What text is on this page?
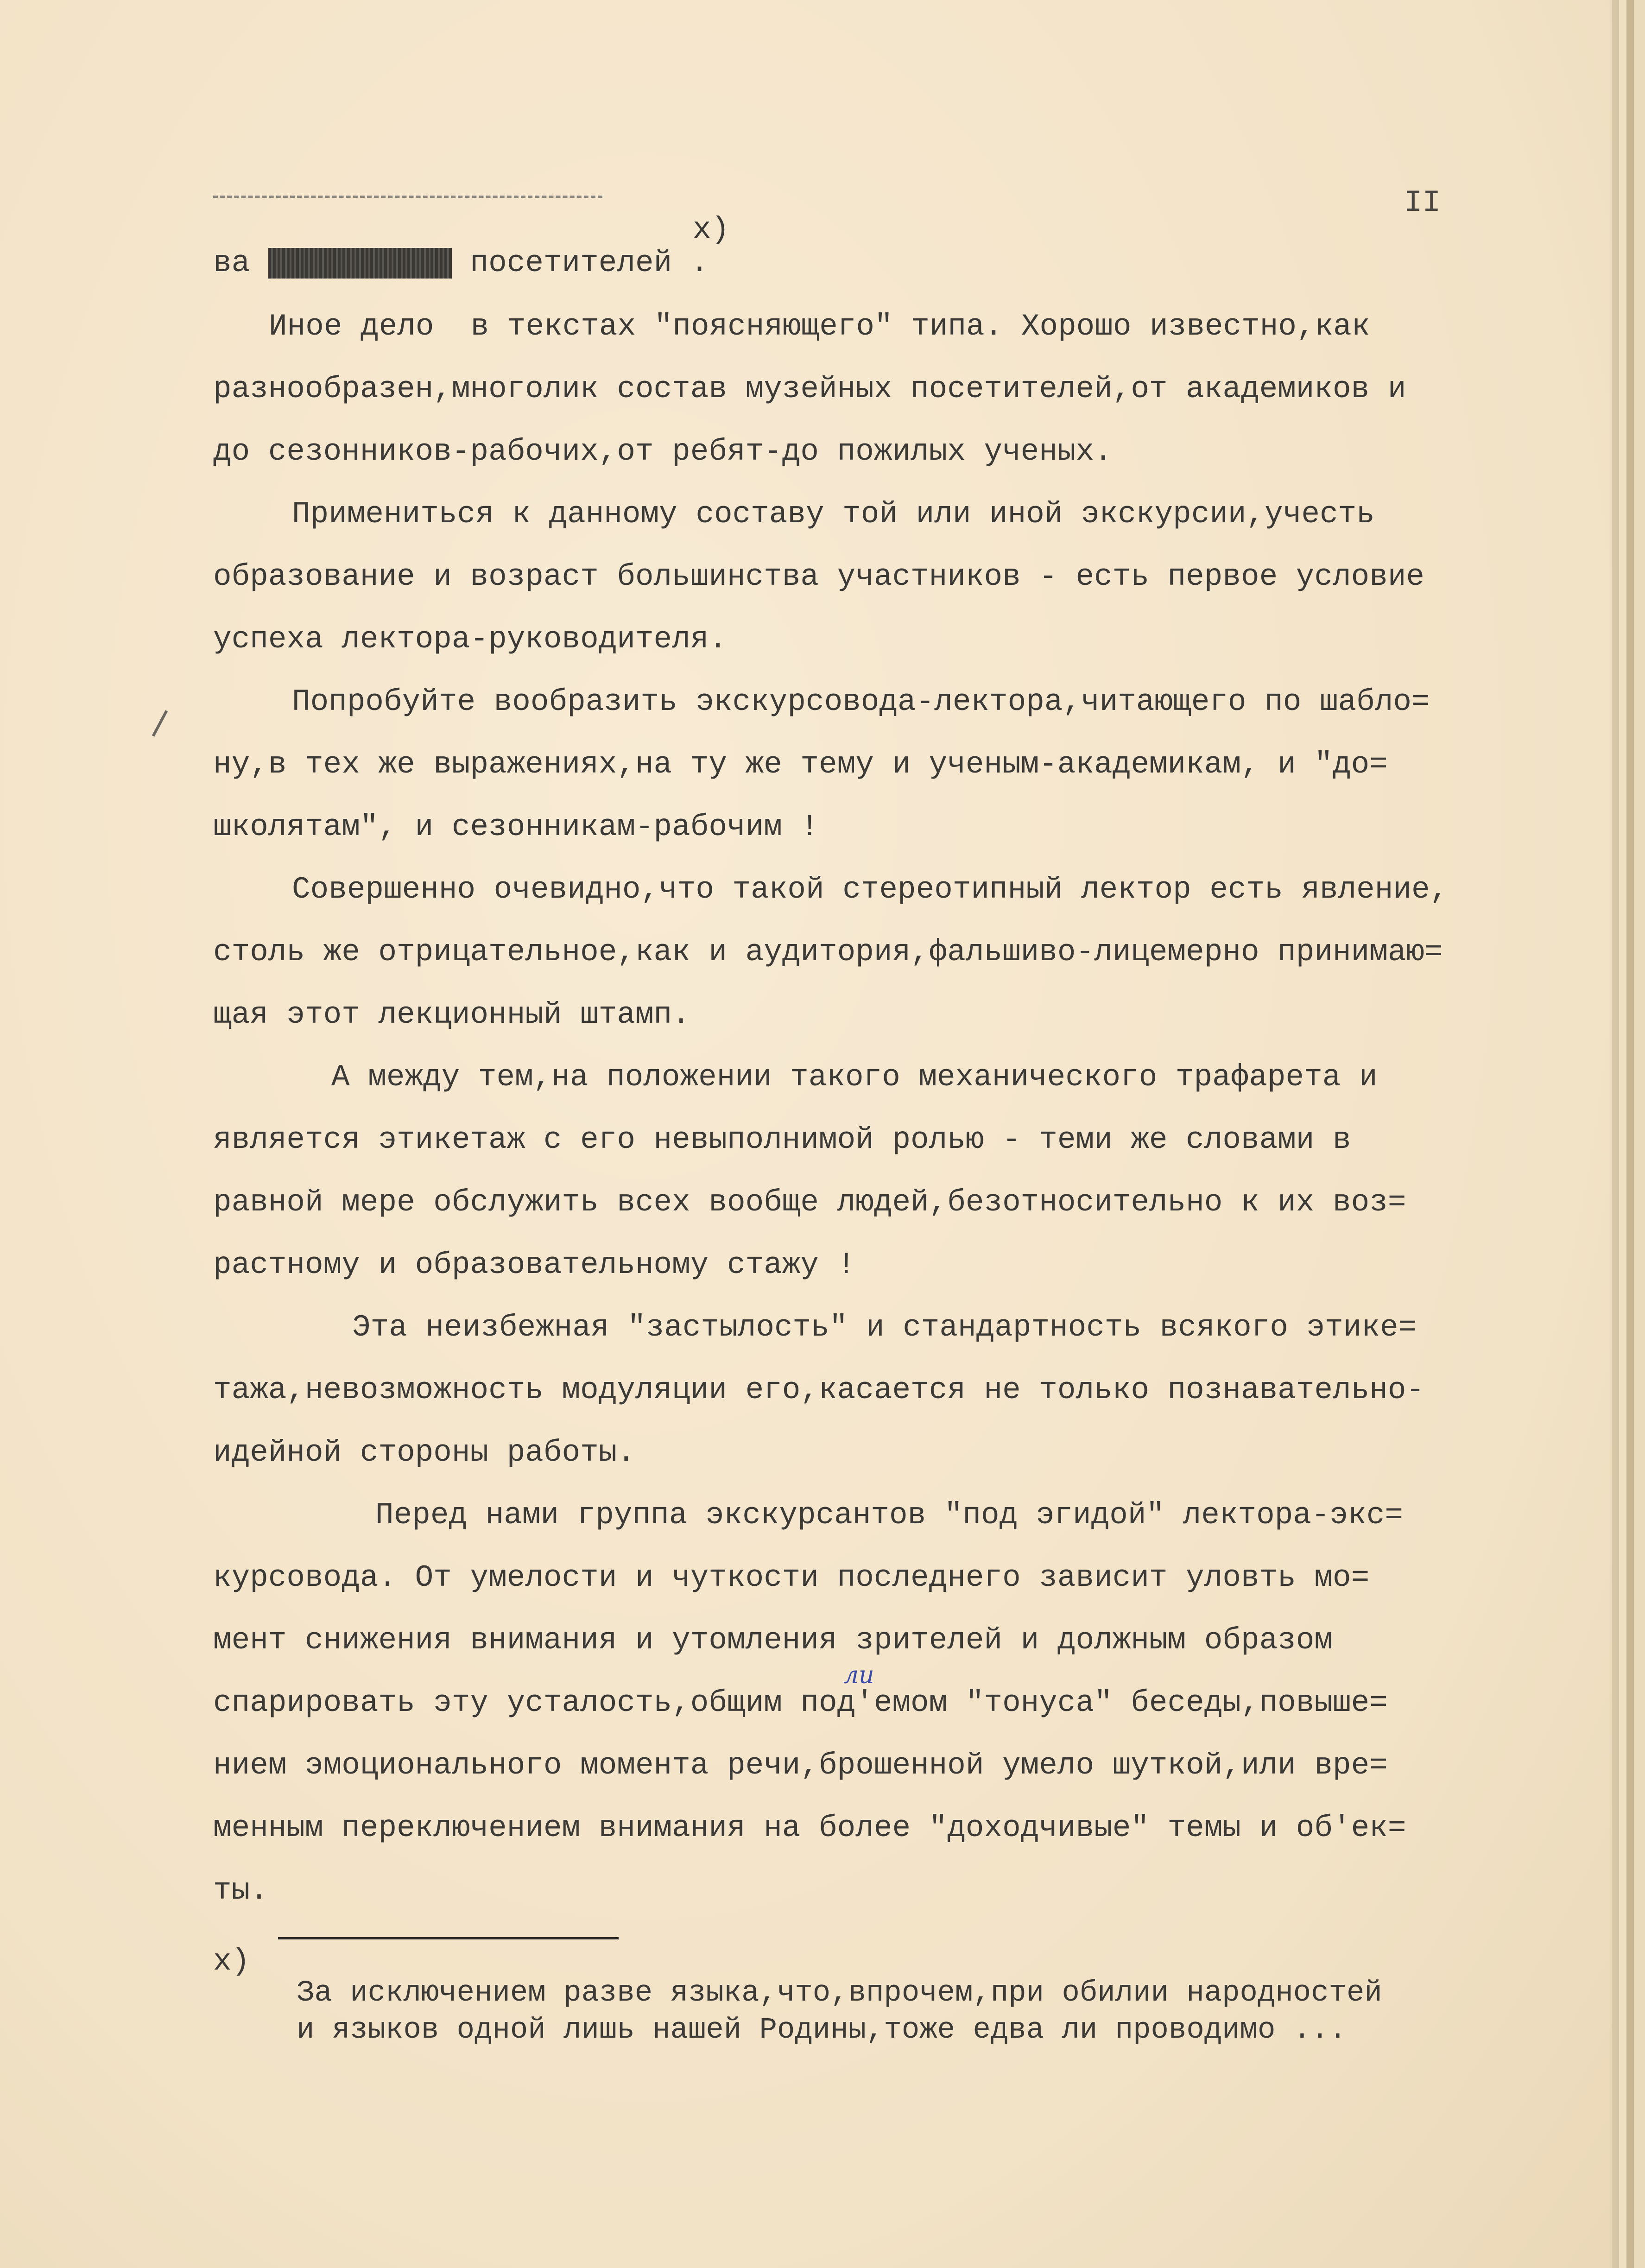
II
х)
ва	посетителей .
Иное дело  в текстах "поясняющего" типа. Хорошо известно,как
разнообразен,многолик состав музейных посетителей,от академиков и
до сезонников-рабочих,от ребят-до пожилых ученых.
Примениться к данному составу той или иной экскурсии,учесть
образование и возраст большинства участников - есть первое условие
успеха лектора-руководителя.
Попробуйте вообразить экскурсовода-лектора,читающего по шабло=
ну,в тех же выражениях,на ту же тему и ученым-академикам, и "до=
школятам", и сезонникам-рабочим !
Совершенно очевидно,что такой стереотипный лектор есть явление,
столь же отрицательное,как и аудитория,фальшиво-лицемерно принимаю=
щая этот лекционный штамп.
А между тем,на положении такого механического трафарета и
является этикетаж с его невыполнимой ролью - теми же словами в
равной мере обслужить всех вообще людей,безотносительно к их воз=
растному и образовательному стажу !
Эта неизбежная "застылость" и стандартность всякого этике=
тажа,невозможность модуляции его,касается не только познавательно-
идейной стороны работы.
Перед нами группа экскурсантов "под эгидой" лектора-экс=
курсовода. От умелости и чуткости последнего зависит уловть мо=
мент снижения внимания и утомления зрителей и должным образом
ли
спарировать эту усталость,общим под'емом "тонуса" беседы,повыше=
нием эмоционального момента речи,брошенной умело шуткой,или вре=
менным переключением внимания на более "доходчивые" темы и об'ек=
ты.
х)
За исключением разве языка,что,впрочем,при обилии народностей
и языков одной лишь нашей Родины,тоже едва ли проводимо ...
